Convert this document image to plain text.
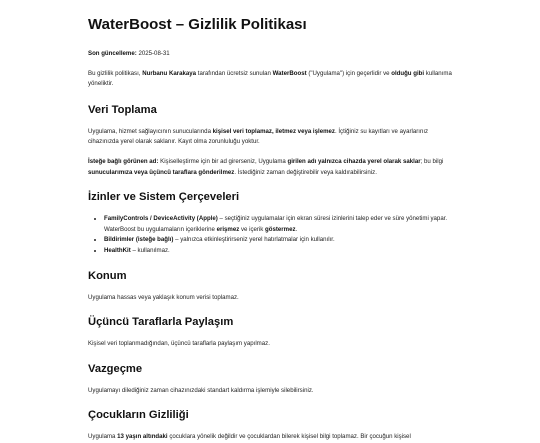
WaterBoost – Gizlilik Politikası

Son güncelleme: 2025-08-31

Bu gizlilik politikası, Nurbanu Karakaya tarafından ücretsiz sunulan WaterBoost ("Uygulama") için geçerlidir ve olduğu gibi kullanıma yöneliktir.

Veri Toplama

Uygulama, hizmet sağlayıcının sunucularında kişisel veri toplamaz, iletmez veya işlemez. İçtiğiniz su kayıtları ve ayarlarınız cihazınızda yerel olarak saklanır. Kayıt olma zorunluluğu yoktur.

İsteğe bağlı görünen ad: Kişiselleştirme için bir ad girerseniz, Uygulama girilen adı yalnızca cihazda yerel olarak saklar; bu bilgi sunucularımıza veya üçüncü taraflara gönderilmez. İstediğiniz zaman değiştirebilir veya kaldırabilirsiniz.

İzinler ve Sistem Çerçeveleri
• FamilyControls / DeviceActivity (Apple) – seçtiğiniz uygulamalar için ekran süresi izinlerini talep eder ve süre yönetimi yapar. WaterBoost bu uygulamaların içeriklerine erişmez ve içerik göstermez.
• Bildirimler (isteğe bağlı) – yalnızca etkinleştirirseniz yerel hatırlatmalar için kullanılır.
• HealthKit – kullanılmaz.
Konum

Uygulama hassas veya yaklaşık konum verisi toplamaz.

Üçüncü Taraflarla Paylaşım

Kişisel veri toplanmadığından, üçüncü taraflarla paylaşım yapılmaz.

Vazgeçme

Uygulamayı dilediğiniz zaman cihazınızdaki standart kaldırma işlemiyle silebilirsiniz.

Çocukların Gizliliği

Uygulama 13 yaşın altındaki çocuklara yönelik değildir ve çocuklardan bilerek kişisel bilgi toplamaz. Bir çocuğun kişisel
